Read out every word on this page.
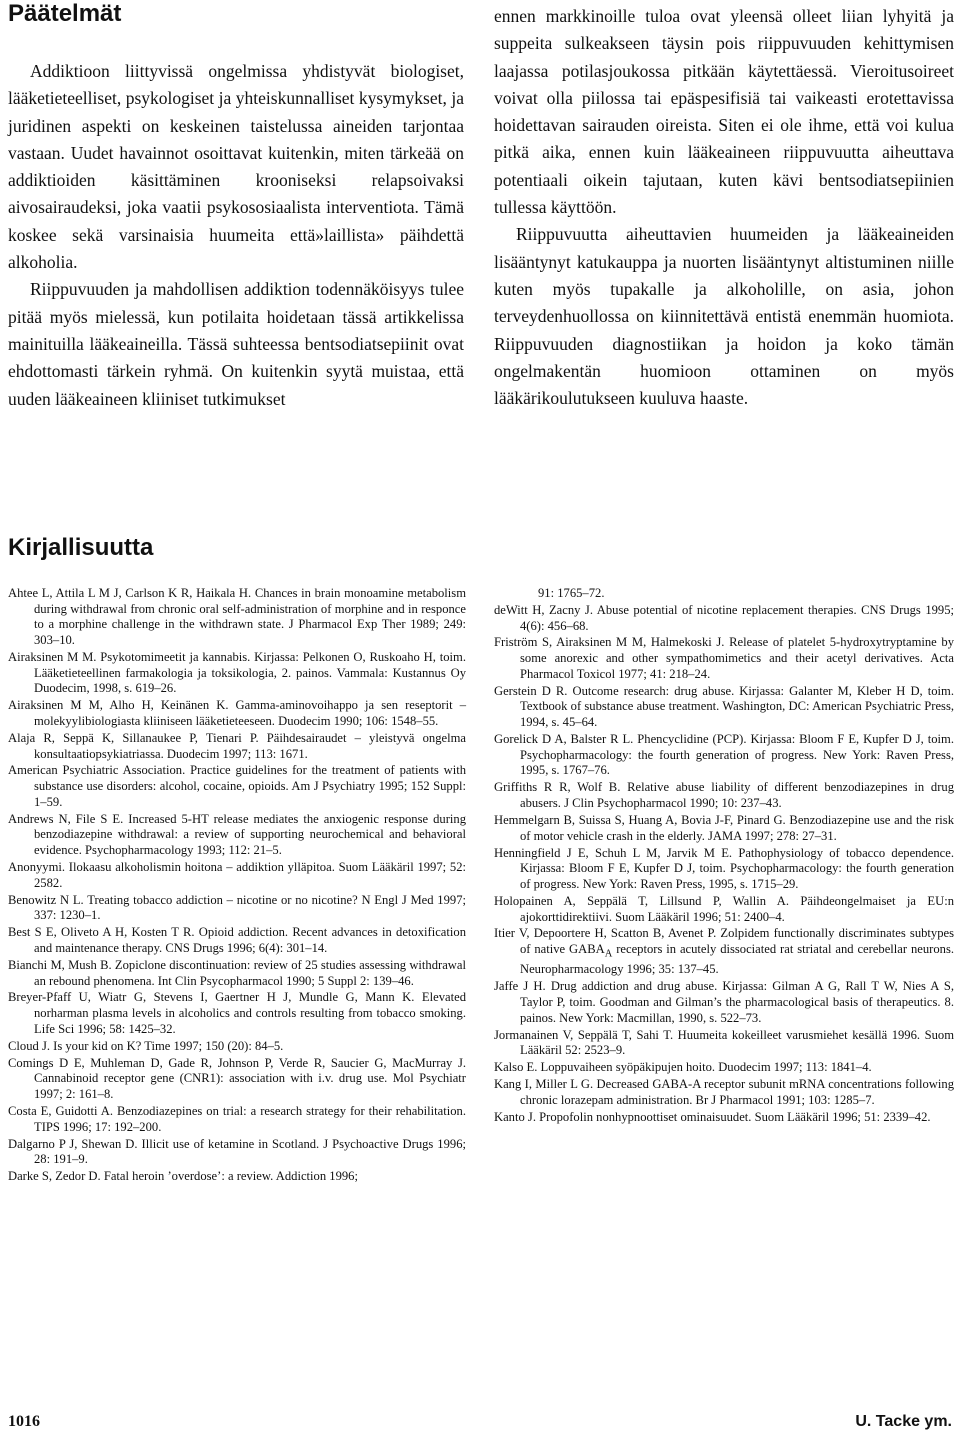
Päätelmät

Addiktioon liittyvissä ongelmissa yhdistyvät biologiset, lääketieteelliset, psykologiset ja yhteiskunnalliset kysymykset, ja juridinen aspekti on keskeinen taistelussa aineiden tarjontaa vastaan. Uudet havainnot osoittavat kuitenkin, miten tärkeää on addiktioiden käsittäminen krooniseksi relapsoivaksi aivosairaudeksi, joka vaatii psykososiaalista interventiota. Tämä koskee sekä varsinaisia huumeita että»laillista» päihdettä alkoholia.

Riippuvuuden ja mahdollisen addiktion todennäköisyys tulee pitää myös mielessä, kun potilaita hoidetaan tässä artikkelissa mainituilla lääkeaineilla. Tässä suhteessa bentsodiatsepiinit ovat ehdottomasti tärkein ryhmä. On kuitenkin syytä muistaa, että uuden lääkeaineen kliiniset tutkimukset

ennen markkinoille tuloa ovat yleensä olleet liian lyhyitä ja suppeita sulkeakseen täysin pois riippuvuuden kehittymisen laajassa potilasjoukossa pitkään käytettäessä. Vieroitusoireet voivat olla piilossa tai epäspesifisiä tai vaikeasti erotettavissa hoidettavan sairauden oireista. Siten ei ole ihme, että voi kulua pitkä aika, ennen kuin lääkeaineen riippuvuutta aiheuttava potentiaali oikein tajutaan, kuten kävi bentsodiatsepiinien tullessa käyttöön.

Riippuvuutta aiheuttavien huumeiden ja lääkeaineiden lisääntynyt katukauppa ja nuorten lisääntynyt altistuminen niille kuten myös tupakalle ja alkoholille, on asia, johon terveydenhuollossa on kiinnitettävä entistä enemmän huomiota. Riippuvuuden diagnostiikan ja hoidon ja koko tämän ongelmakentän huomioon ottaminen on myös lääkärikoulutukseen kuuluva haaste.

Kirjallisuutta

Ahtee L, Attila L M J, Carlson K R, Haikala H. Chances in brain monoamine metabolism during withdrawal from chronic oral self-administration of morphine and in responce to a morphine challenge in the withdrawn state. J Pharmacol Exp Ther 1989; 249: 303–10.

Airaksinen M M. Psykotomimeetit ja kannabis. Kirjassa: Pelkonen O, Ruskoaho H, toim. Lääketieteellinen farmakologia ja toksikologia, 2. painos. Vammala: Kustannus Oy Duodecim, 1998, s. 619–26.

Airaksinen M M, Alho H, Keinänen K. Gamma-aminovoihappo ja sen reseptorit – molekyylibiologiasta kliiniseen lääketieteeseen. Duodecim 1990; 106: 1548–55.

Alaja R, Seppä K, Sillanaukee P, Tienari P. Päihdesairaudet – yleistyvä ongelma konsultaatiopsykiatriassa. Duodecim 1997; 113: 1671.

American Psychiatric Association. Practice guidelines for the treatment of patients with substance use disorders: alcohol, cocaine, opioids. Am J Psychiatry 1995; 152 Suppl: 1–59.

Andrews N, File S E. Increased 5-HT release mediates the anxiogenic response during benzodiazepine withdrawal: a review of supporting neurochemical and behavioral evidence. Psychopharmacology 1993; 112: 21–5.

Anonyymi. Ilokaasu alkoholismin hoitona – addiktion ylläpitoa. Suom Lääkäril 1997; 52: 2582.

Benowitz N L. Treating tobacco addiction – nicotine or no nicotine? N Engl J Med 1997; 337: 1230–1.

Best S E, Oliveto A H, Kosten T R. Opioid addiction. Recent advances in detoxification and maintenance therapy. CNS Drugs 1996; 6(4): 301–14.

Bianchi M, Mush B. Zopiclone discontinuation: review of 25 studies assessing withdrawal an rebound phenomena. Int Clin Psycopharmacol 1990; 5 Suppl 2: 139–46.

Breyer-Pfaff U, Wiatr G, Stevens I, Gaertner H J, Mundle G, Mann K. Elevated norharman plasma levels in alcoholics and controls resulting from tobacco smoking. Life Sci 1996; 58: 1425–32.

Cloud J. Is your kid on K? Time 1997; 150 (20): 84–5.

Comings D E, Muhleman D, Gade R, Johnson P, Verde R, Saucier G, MacMurray J. Cannabinoid receptor gene (CNR1): association with i.v. drug use. Mol Psychiatr 1997; 2: 161–8.

Costa E, Guidotti A. Benzodiazepines on trial: a research strategy for their rehabilitation. TIPS 1996; 17: 192–200.

Dalgarno P J, Shewan D. Illicit use of ketamine in Scotland. J Psychoactive Drugs 1996; 28: 191–9.

Darke S, Zedor D. Fatal heroin ’overdose’: a review. Addiction 1996;

91: 1765–72.

deWitt H, Zacny J. Abuse potential of nicotine replacement therapies. CNS Drugs 1995; 4(6): 456–68.

Friström S, Airaksinen M M, Halmekoski J. Release of platelet 5-hydroxytryptamine by some anorexic and other sympathomimetics and their acetyl derivatives. Acta Pharmacol Toxicol 1977; 41: 218–24.

Gerstein D R. Outcome research: drug abuse. Kirjassa: Galanter M, Kleber H D, toim. Textbook of substance abuse treatment. Washington, DC: American Psychiatric Press, 1994, s. 45–64.

Gorelick D A, Balster R L. Phencyclidine (PCP). Kirjassa: Bloom F E, Kupfer D J, toim. Psychopharmacology: the fourth generation of progress. New York: Raven Press, 1995, s. 1767–76.

Griffiths R R, Wolf B. Relative abuse liability of different benzodiazepines in drug abusers. J Clin Psychopharmacol 1990; 10: 237–43.

Hemmelgarn B, Suissa S, Huang A, Bovia J-F, Pinard G. Benzodiazepine use and the risk of motor vehicle crash in the elderly. JAMA 1997; 278: 27–31.

Henningfield J E, Schuh L M, Jarvik M E. Pathophysiology of tobacco dependence. Kirjassa: Bloom F E, Kupfer D J, toim. Psychopharmacology: the fourth generation of progress. New York: Raven Press, 1995, s. 1715–29.

Holopainen A, Seppälä T, Lillsund P, Wallin A. Päihdeongelmaiset ja EU:n ajokorttidirektiivi. Suom Lääkäril 1996; 51: 2400–4.

Itier V, Depoortere H, Scatton B, Avenet P. Zolpidem functionally discriminates subtypes of native $GABA_A$ receptors in acutely dissociated rat striatal and cerebellar neurons. Neuropharmacology 1996; 35: 137–45.

Jaffe J H. Drug addiction and drug abuse. Kirjassa: Gilman A G, Rall T W, Nies A S, Taylor P, toim. Goodman and Gilman’s the pharmacological basis of therapeutics. 8. painos. New York: Macmillan, 1990, s. 522–73.

Jormanainen V, Seppälä T, Sahi T. Huumeita kokeilleet varusmiehet kesällä 1996. Suom Lääkäril 52: 2523–9.

Kalso E. Loppuvaiheen syöpäkipujen hoito. Duodecim 1997; 113: 1841–4.

Kang I, Miller L G. Decreased GABA-A receptor subunit mRNA concentrations following chronic lorazepam administration. Br J Pharmacol 1991; 103: 1285–7.

Kanto J. Propofolin nonhypnoottiset ominaisuudet. Suom Lääkäril 1996; 51: 2339–42.

1016	U. Tacke ym.
